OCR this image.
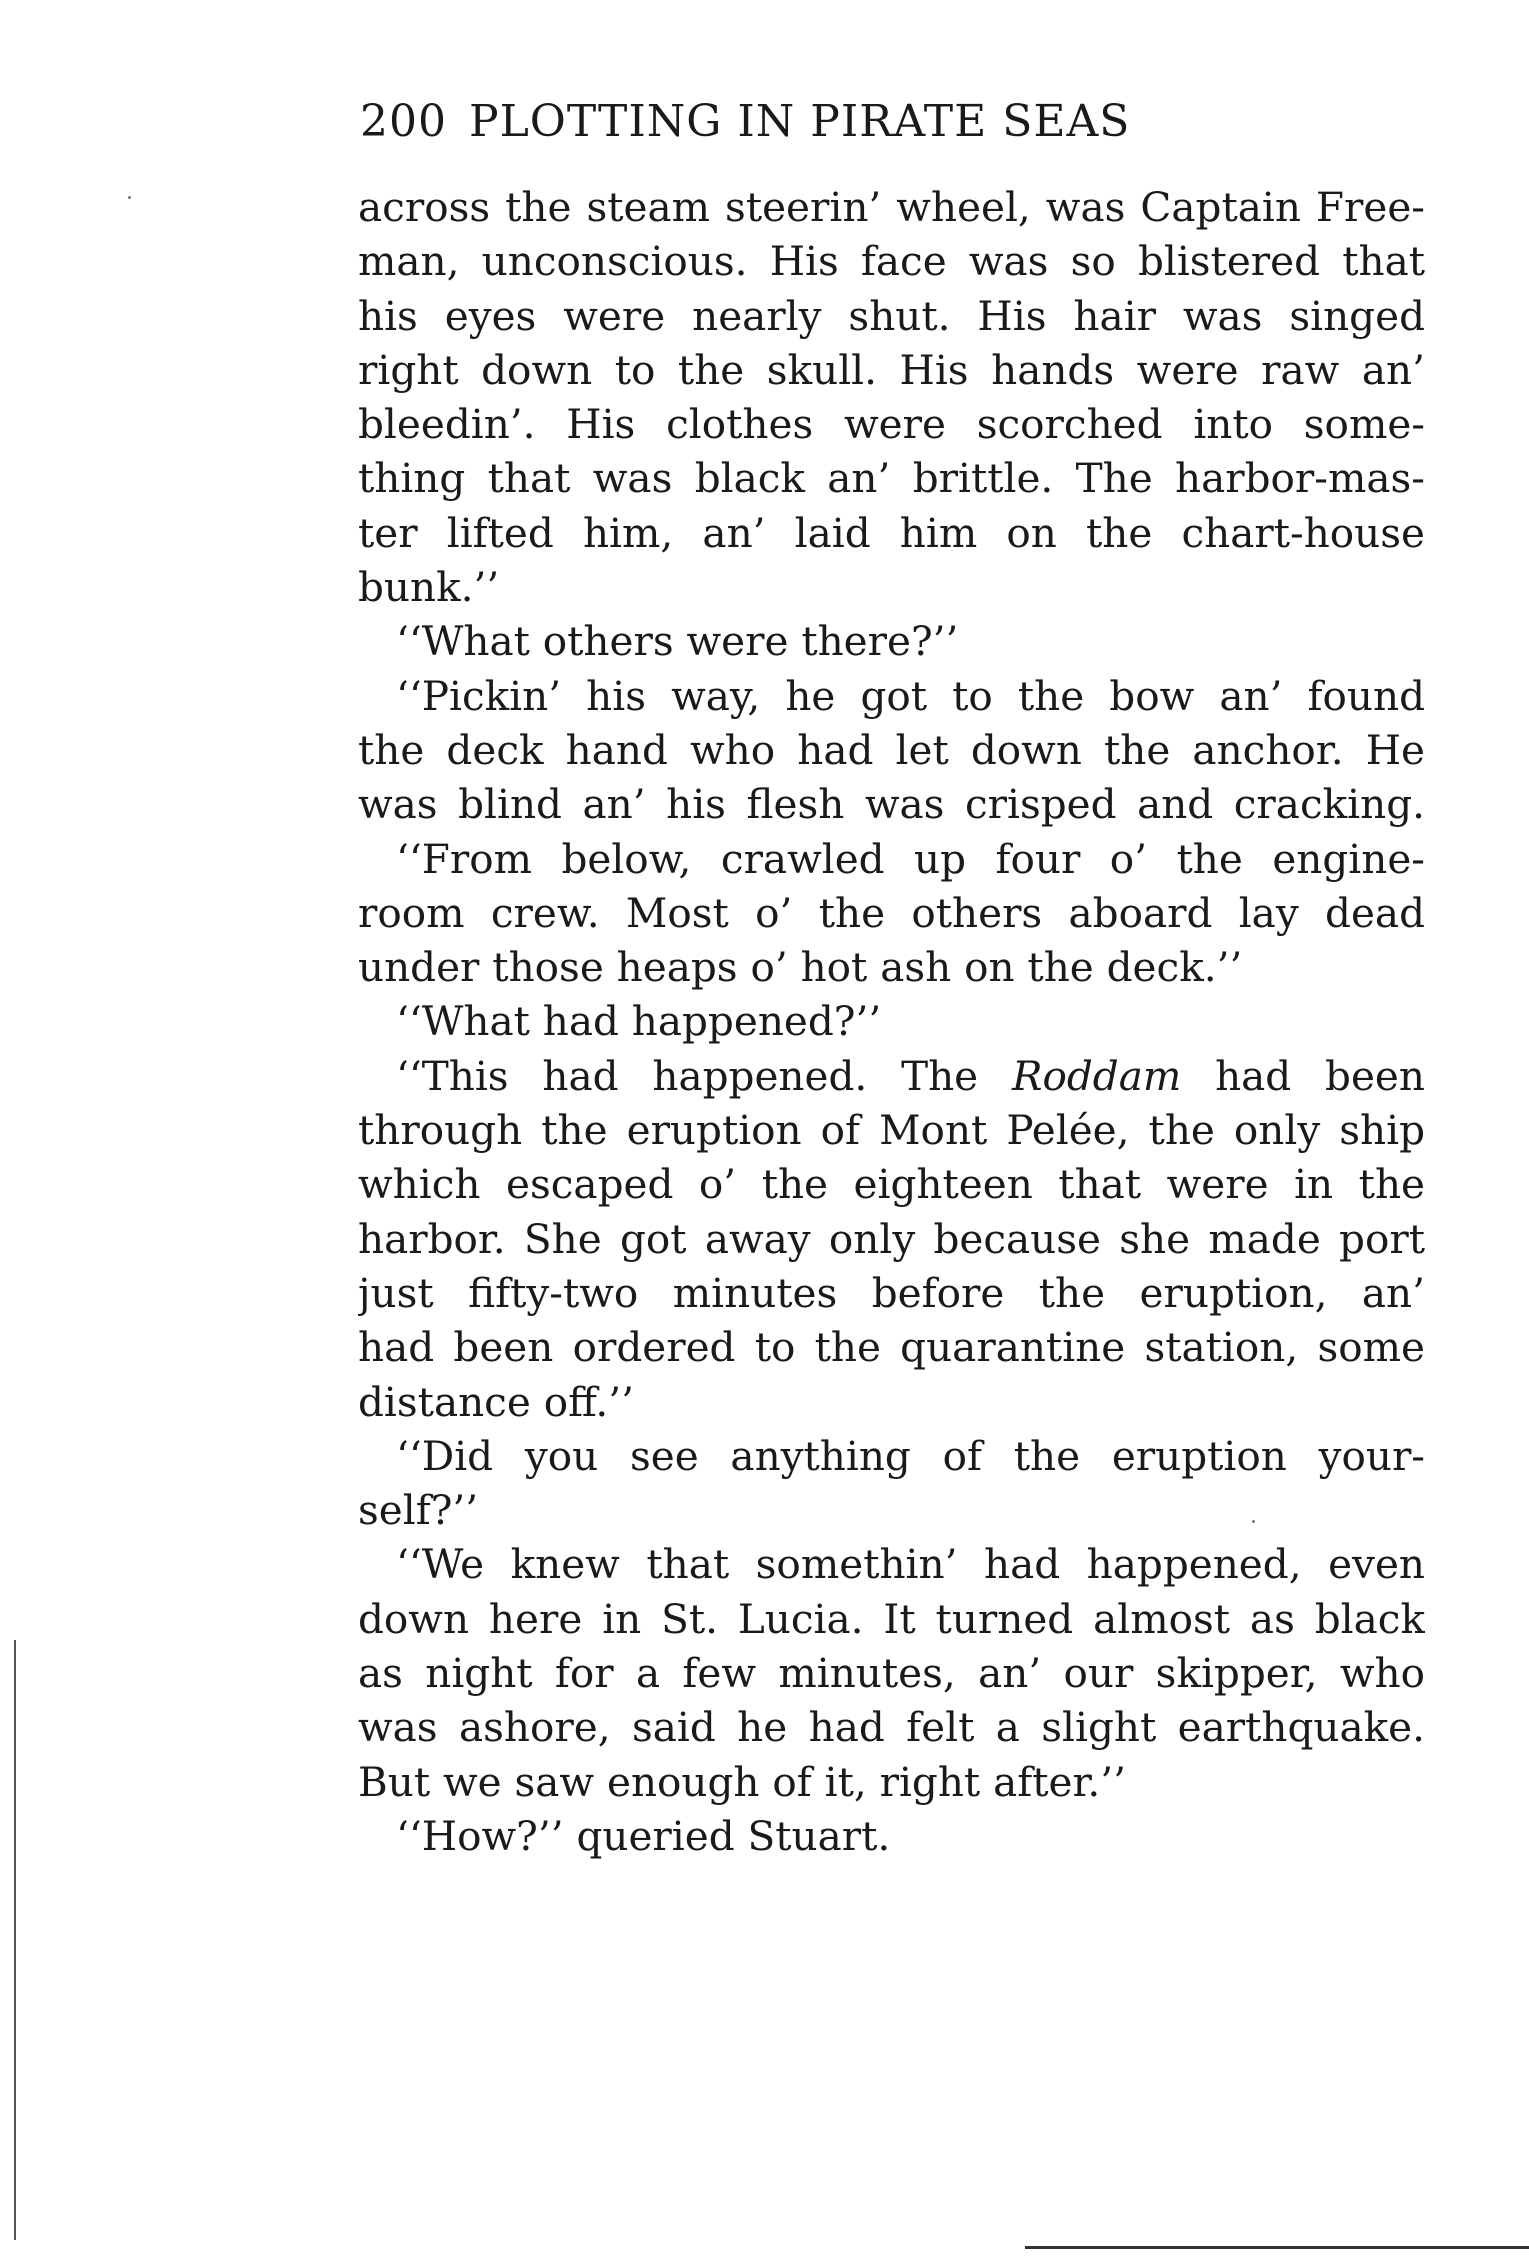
200 PLOTTING IN PIRATE SEAS
across the steam steerin’ wheel, was Captain Free-
man, unconscious. His face was so blistered that
his eyes were nearly shut. His hair was singed
right down to the skull. His hands were raw an’
bleedin’. His clothes were scorched into some-
thing that was black an’ brittle. The harbor-mas-
ter lifted him, an’ laid him on the chart-house
bunk.’’
‘‘What others were there?’’
‘‘Pickin’ his way, he got to the bow an’ found
the deck hand who had let down the anchor. He
was blind an’ his flesh was crisped and cracking.
‘‘From below, crawled up four o’ the engine-
room crew. Most o’ the others aboard lay dead
under those heaps o’ hot ash on the deck.’’
‘‘What had happened?’’
‘‘This had happened. The Roddam had been
through the eruption of Mont Pelée, the only ship
which escaped o’ the eighteen that were in the
harbor. She got away only because she made port
just fifty-two minutes before the eruption, an’
had been ordered to the quarantine station, some
distance off.’’
‘‘Did you see anything of the eruption your-
self?’’
‘‘We knew that somethin’ had happened, even
down here in St. Lucia. It turned almost as black
as night for a few minutes, an’ our skipper, who
was ashore, said he had felt a slight earthquake.
But we saw enough of it, right after.’’
‘‘How?’’ queried Stuart.
